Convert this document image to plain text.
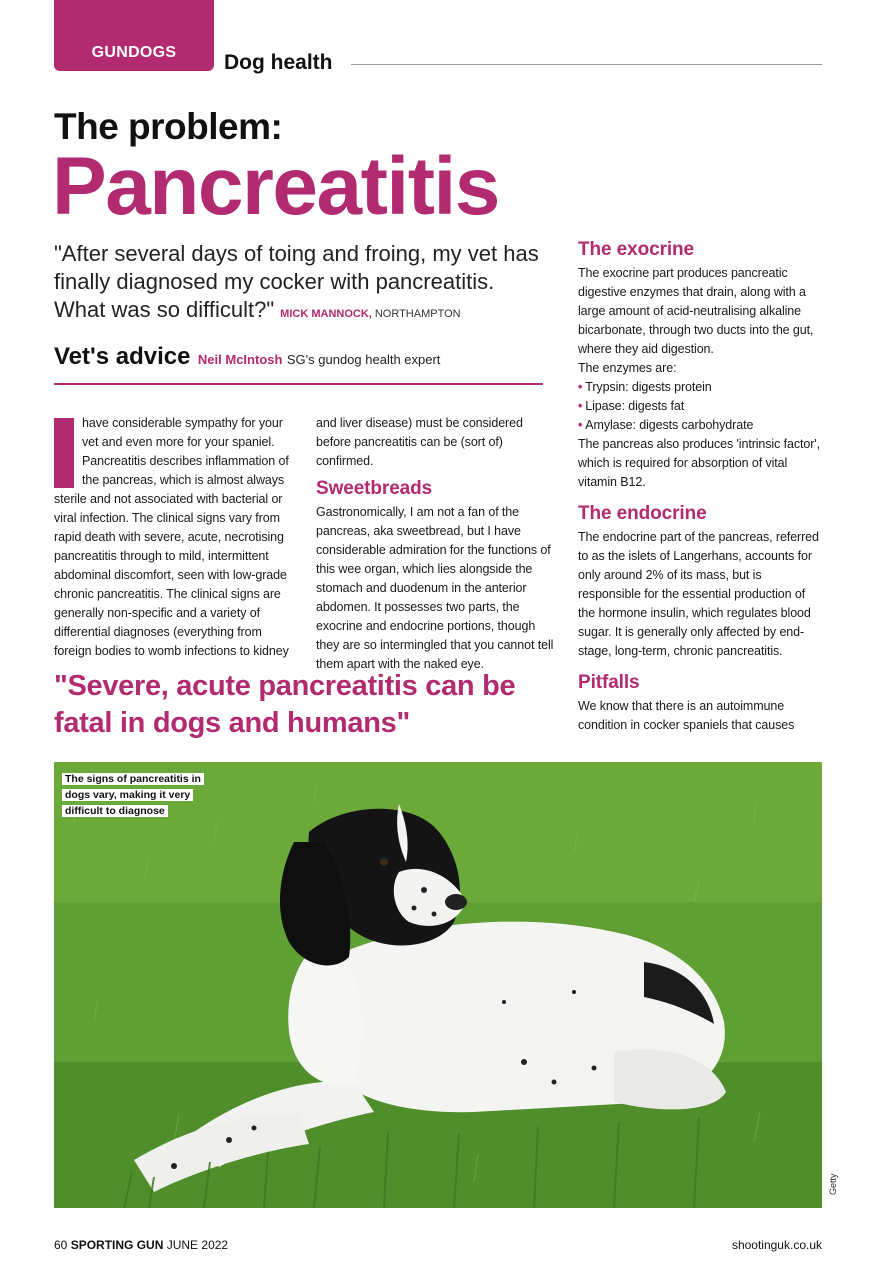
GUNDOGS	Dog health
The problem:
Pancreatitis
"After several days of toing and froing, my vet has finally diagnosed my cocker with pancreatitis. What was so difficult?" MICK MANNOCK, NORTHAMPTON
Vet's advice Neil McIntosh SG's gundog health expert

have considerable sympathy for your vet and even more for your spaniel. Pancreatitis describes inflammation of the pancreas, which is almost always sterile and not associated with bacterial or viral infection. The clinical signs vary from rapid death with severe, acute, necrotising pancreatitis through to mild, intermittent abdominal discomfort, seen with low-grade chronic pancreatitis. The clinical signs are generally non-specific and a variety of differential diagnoses (everything from foreign bodies to womb infections to kidney

and liver disease) must be considered before pancreatitis can be (sort of) confirmed.

Sweetbreads

Gastronomically, I am not a fan of the pancreas, aka sweetbread, but I have considerable admiration for the functions of this wee organ, which lies alongside the stomach and duodenum in the anterior abdomen. It possesses two parts, the exocrine and endocrine portions, though they are so intermingled that you cannot tell them apart with the naked eye.

The exocrine

The exocrine part produces pancreatic digestive enzymes that drain, along with a large amount of acid-neutralising alkaline bicarbonate, through two ducts into the gut, where they aid digestion.

The enzymes are:

• Trypsin: digests protein
• Lipase: digests fat
• Amylase: digests carbohydrate

The pancreas also produces 'intrinsic factor', which is required for absorption of vital vitamin B12.

The endocrine

The endocrine part of the pancreas, referred to as the islets of Langerhans, accounts for only around 2% of its mass, but is responsible for the essential production of the hormone insulin, which regulates blood sugar. It is generally only affected by end-stage, long-term, chronic pancreatitis.

Pitfalls

We know that there is an autoimmune condition in cocker spaniels that causes

"Severe, acute pancreatitis can be fatal in dogs and humans"
The signs of pancreatitis in dogs vary, making it very difficult to diagnose
Getty
60 SPORTING GUN JUNE 2022	shootinguk.co.uk
